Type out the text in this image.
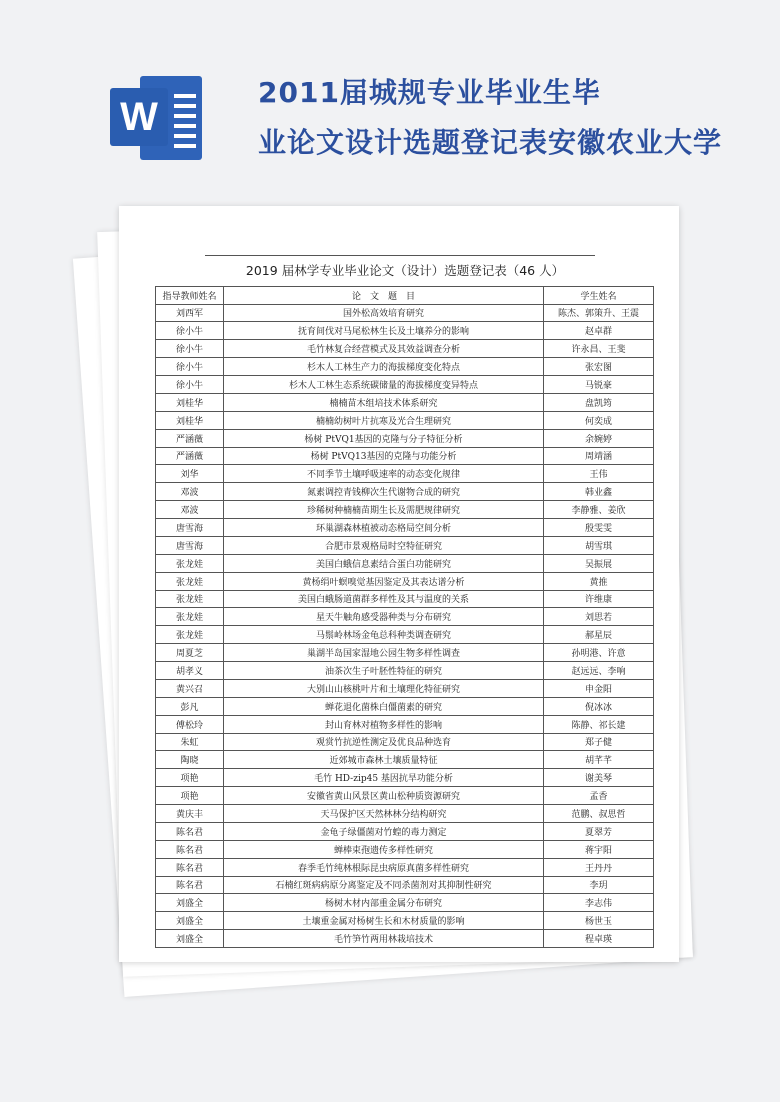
W
2011届城规专业毕业生毕
业论文设计选题登记表安徽农业大学
2019 届林学专业毕业论文（设计）选题登记表（46 人）
指导教师姓名	论　文　题　目	学生姓名
刘西军	国外松高效培育研究	陈杰、郭策升、王震
徐小牛	抚育间伐对马尾松林生长及土壤养分的影响	赵卓群
徐小牛	毛竹林复合经营模式及其效益调查分析	许永昌、王斐
徐小牛	杉木人工林生产力的海拔梯度变化特点	张宏图
徐小牛	杉木人工林生态系统碳储量的海拔梯度变异特点	马锐豪
刘桂华	楠楠苗木组培技术体系研究	盘凯筠
刘桂华	楠楠幼树叶片抗寒及光合生理研究	何奕成
严涵薇	杨树 PtVQ1基因的克隆与分子特征分析	余婉婷
严涵薇	杨树 PtVQ13基因的克隆与功能分析	周靖涵
刘华	不同季节土壤呼吸速率的动态变化规律	王伟
邓波	氮素调控青钱柳次生代谢物合成的研究	韩业鑫
邓波	珍稀树种楠楠苗期生长及需肥规律研究	李静雅、姜欣
唐雪海	环巢湖森林植被动态格局空间分析	殷雯雯
唐雪海	合肥市景观格局时空特征研究	胡雪琪
张龙娃	美国白蛾信息素结合蛋白功能研究	吴振展
张龙娃	黄杨绢叶螟嗅觉基因鉴定及其表达谱分析	黄推
张龙娃	美国白蛾肠道菌群多样性及其与温度的关系	许维康
张龙娃	星天牛触角感受器种类与分布研究	刘思若
张龙娃	马鬃岭林场金龟总科种类调查研究	郝星辰
周夏芝	巢湖半岛国家湿地公园生物多样性调查	孙明港、许意
胡孝义	油茶次生子叶胚性特征的研究	赵远远、李响
黄兴召	大别山山核桃叶片和土壤理化特征研究	申金阳
彭凡	蝉花退化菌株白僵菌素的研究	倪冰冰
傅松玲	封山育林对植物多样性的影响	陈静、祁长建
朱虹	观赏竹抗逆性测定及优良品种选育	郑子健
陶晓	近郊城市森林土壤质量特征	胡芊芊
项艳	毛竹 HD-zip45 基因抗旱功能分析	谢美琴
项艳	安徽省黄山风景区黄山松种质资源研究	孟香
黄庆丰	天马保护区天然林林分结构研究	范鹏、叔思哲
陈名君	金龟子绿僵菌对竹蝗的毒力测定	夏翠芳
陈名君	蝉棒束孢遗传多样性研究	蒋宇阳
陈名君	春季毛竹纯林根际昆虫病原真菌多样性研究	王丹丹
陈名君	石楠红斑病病原分离鉴定及不同杀菌剂对其抑制性研究	李玥
刘盛全	杨树木材内部重金属分布研究	李志伟
刘盛全	土壤重金属对杨树生长和木材质量的影响	杨世玉
刘盛全	毛竹笋竹两用林栽培技术	程卓瑛
